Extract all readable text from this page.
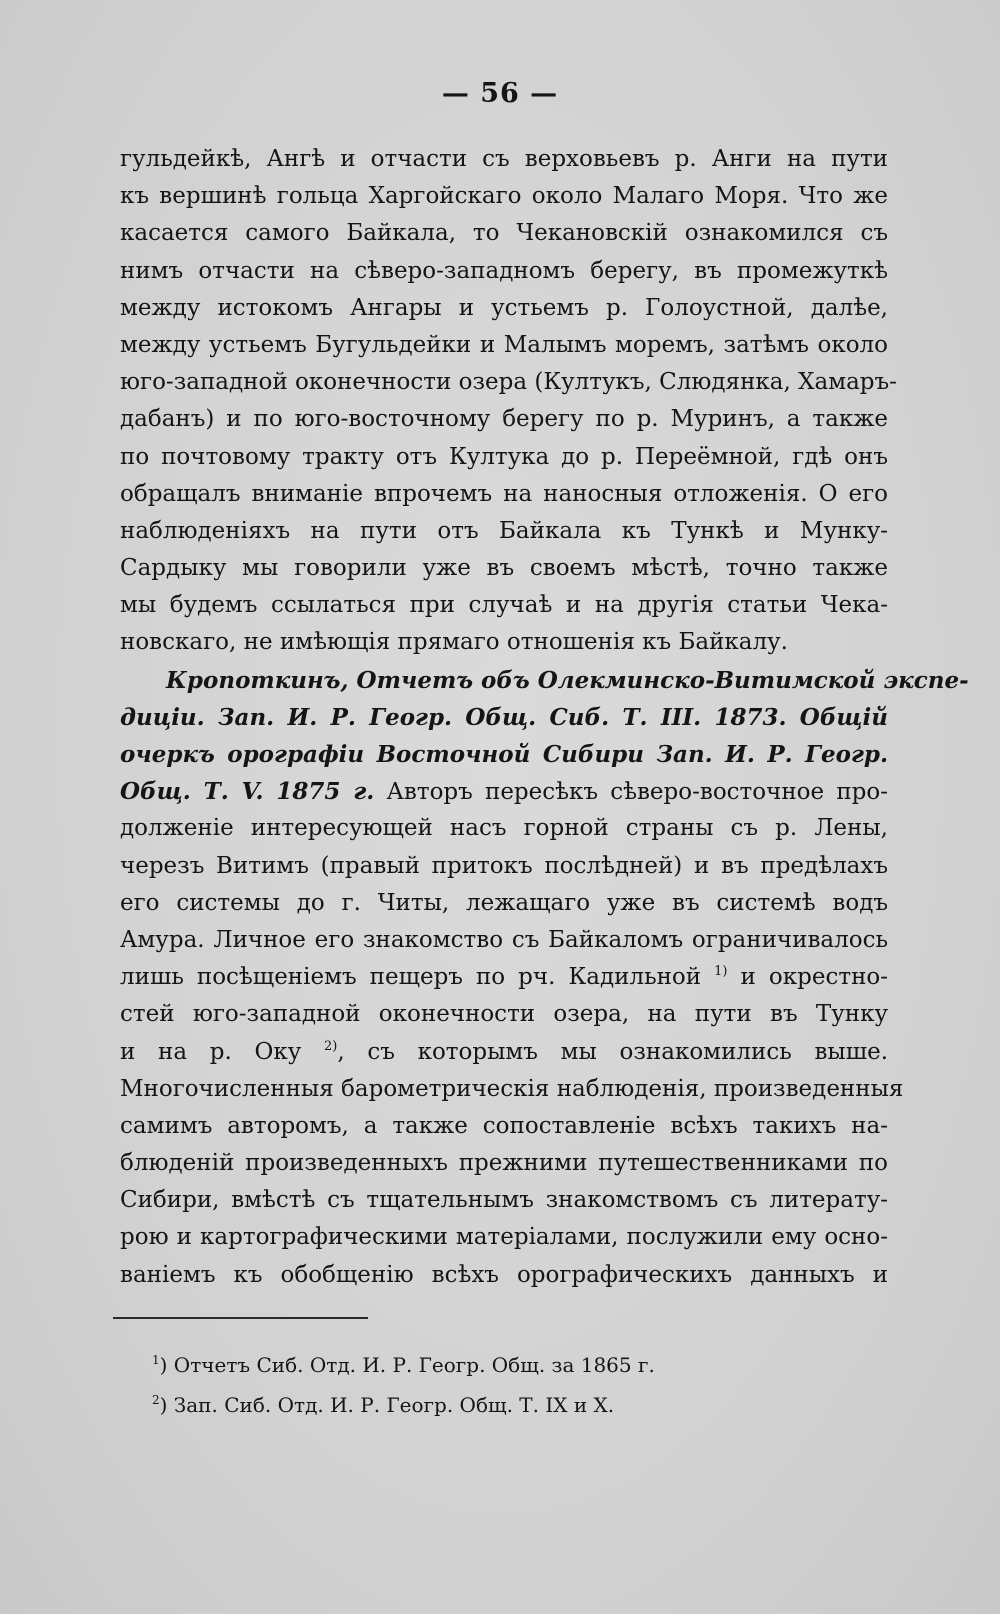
— 56 —
гульдейкѣ, Ангѣ и отчасти съ верховьевъ р. Анги на пути
къ вершинѣ гольца Харгойскаго около Малаго Моря. Что же
касается самого Байкала, то Чекановскій ознакомился съ
нимъ отчасти на сѣверо-западномъ берегу, въ промежуткѣ
между истокомъ Ангары и устьемъ р. Голоустной, далѣе,
между устьемъ Бугульдейки и Малымъ моремъ, затѣмъ около
юго-западной оконечности озера (Култукъ, Слюдянка, Хамаръ-
дабанъ) и по юго-восточному берегу по р. Муринъ, а также
по почтовому тракту отъ Култука до р. Переёмной, гдѣ онъ
обращалъ вниманіе впрочемъ на наносныя отложенія. О его
наблюденіяхъ на пути отъ Байкала къ Тункѣ и Мунку-
Сардыку мы говорили уже въ своемъ мѣстѣ, точно также
мы будемъ ссылаться при случаѣ и на другія статьи Чека-
новскаго, не имѣющія прямаго отношенія къ Байкалу.
Кропоткинъ, Отчетъ объ Олекминско-Витимской экспе-
диціи. Зап. И. Р. Геогр. Общ. Сиб. Т. III. 1873. Общій
очеркъ орографіи Восточной Сибири Зап. И. Р. Геогр.
Общ. Т. V. 1875 г. Авторъ пересѣкъ сѣверо-восточное про-
долженіе интересующей насъ горной страны съ р. Лены,
черезъ Витимъ (правый притокъ послѣдней) и въ предѣлахъ
его системы до г. Читы, лежащаго уже въ системѣ водъ
Амура. Личное его знакомство съ Байкаломъ ограничивалось
лишь посѣщеніемъ пещеръ по рч. Кадильной $^{1)}$ и окрестно-
стей юго-западной оконечности озера, на пути въ Тунку
и на р. Оку $^{2)}$, съ которымъ мы ознакомились выше.
Многочисленныя барометрическія наблюденія, произведенныя
самимъ авторомъ, а также сопоставленіе всѣхъ такихъ на-
блюденій произведенныхъ прежними путешественниками по
Сибири, вмѣстѣ съ тщательнымъ знакомствомъ съ литерату-
рою и картографическими матеріалами, послужили ему осно-
ваніемъ къ обобщенію всѣхъ орографическихъ данныхъ и
$^1$) Отчетъ Сиб. Отд. И. Р. Геогр. Общ. за 1865 г.
$^2$) Зап. Сиб. Отд. И. Р. Геогр. Общ. Т. IX и X.
